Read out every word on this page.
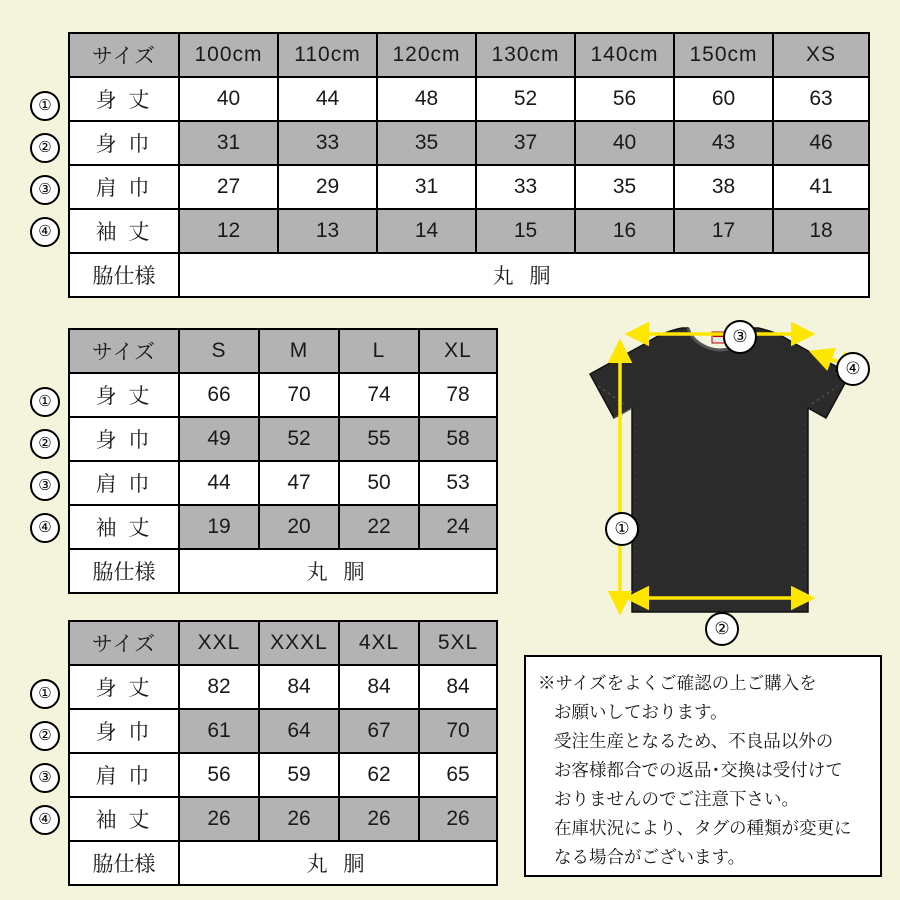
サイズ	100cm	110cm	120cm	130cm	140cm	150cm	XS
身 丈	40	44	48	52	56	60	63
身 巾	31	33	35	37	40	43	46
肩 巾	27	29	31	33	35	38	41
袖 丈	12	13	14	15	16	17	18
脇仕様	丸 胴						
①
②
③
④
サイズ	S	M	L	XL
身 丈	66	70	74	78
身 巾	49	52	55	58
肩 巾	44	47	50	53
袖 丈	19	20	22	24
脇仕様	丸 胴			
①
②
③
④
サイズ	XXL	XXXL	4XL	5XL
身 丈	82	84	84	84
身 巾	61	64	67	70
肩 巾	56	59	62	65
袖 丈	26	26	26	26
脇仕様	丸 胴			
①
②
③
④
③
④
①
②
※サイズをよくご確認の上ご購入を
お願いしております。
受注生産となるため、不良品以外の
お客様都合での返品･交換は受付けて
おりませんのでご注意下さい。
在庫状況により、タグの種類が変更に
なる場合がございます。
